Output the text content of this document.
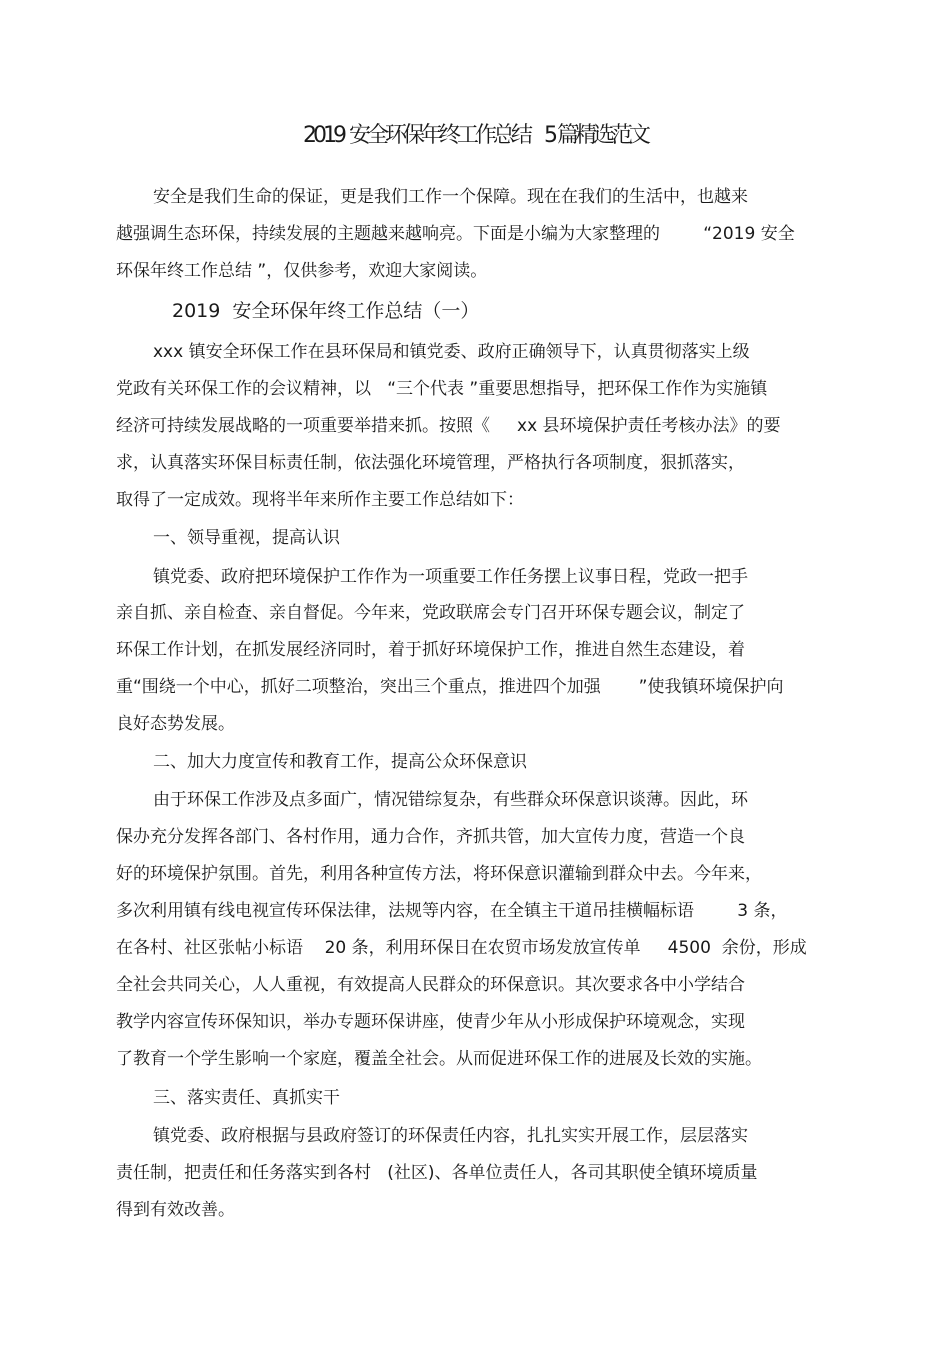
2019  安全环保年终工作总结     5 篇精选范文
安全是我们生命的保证，更是我们工作一个保障。现在在我们的生活中，也越来
越强调生态环保，持续发展的主题越来越响亮。下面是小编为大家整理的        “2019 安全
环保年终工作总结 ”，仅供参考，欢迎大家阅读。
2019  安全环保年终工作总结（一）
xxx 镇安全环保工作在县环保局和镇党委、政府正确领导下，认真贯彻落实上级
党政有关环保工作的会议精神，以   “三个代表 ”重要思想指导，把环保工作作为实施镇
经济可持续发展战略的一项重要举措来抓。按照《     xx 县环境保护责任考核办法》的要
求，认真落实环保目标责任制，依法强化环境管理，严格执行各项制度，狠抓落实，
取得了一定成效。现将半年来所作主要工作总结如下：
一、领导重视，提高认识
镇党委、政府把环境保护工作作为一项重要工作任务摆上议事日程，党政一把手
亲自抓、亲自检查、亲自督促。今年来，党政联席会专门召开环保专题会议，制定了
环保工作计划，在抓发展经济同时，着于抓好环境保护工作，推进自然生态建设，着
重“围绕一个中心，抓好二项整治，突出三个重点，推进四个加强       ”使我镇环境保护向
良好态势发展。
二、加大力度宣传和教育工作，提高公众环保意识
由于环保工作涉及点多面广，情况错综复杂，有些群众环保意识谈薄。因此，环
保办充分发挥各部门、各村作用，通力合作，齐抓共管，加大宣传力度，营造一个良
好的环境保护氛围。首先，利用各种宣传方法，将环保意识灌输到群众中去。今年来，
多次利用镇有线电视宣传环保法律，法规等内容，在全镇主干道吊挂横幅标语        3 条，
在各村、社区张帖小标语    20 条，利用环保日在农贸市场发放宣传单     4500  余份，形成
全社会共同关心，人人重视，有效提高人民群众的环保意识。其次要求各中小学结合
教学内容宣传环保知识，举办专题环保讲座，使青少年从小形成保护环境观念，实现
了教育一个学生影响一个家庭，覆盖全社会。从而促进环保工作的进展及长效的实施。
三、落实责任、真抓实干
镇党委、政府根据与县政府签订的环保责任内容，扎扎实实开展工作，层层落实
责任制，把责任和任务落实到各村   (社区)、各单位责任人，各司其职使全镇环境质量
得到有效改善。
